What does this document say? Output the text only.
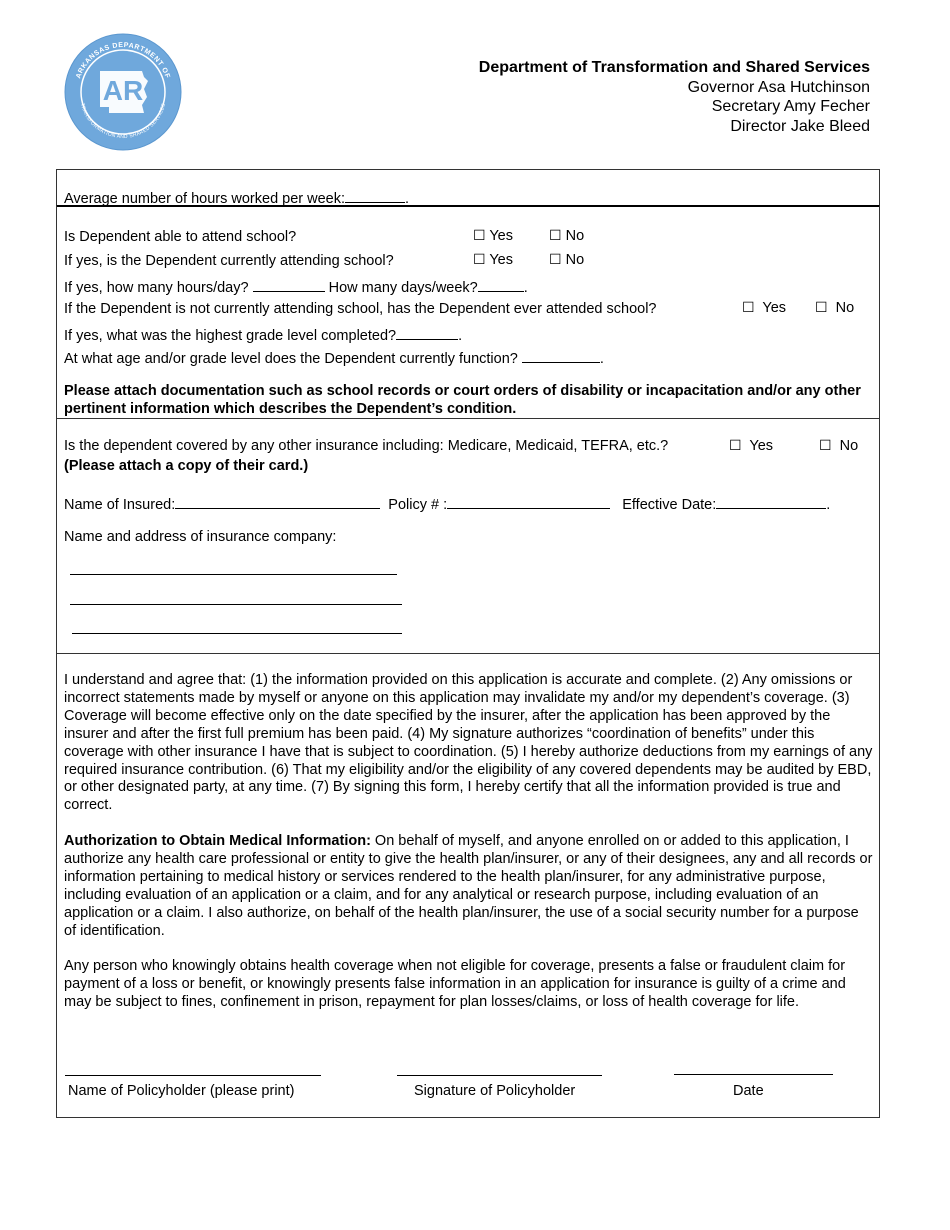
AR
ARKANSAS DEPARTMENT OF
TRANSFORMATION AND SHARED SERVICES
Department of Transformation and Shared Services
Governor Asa Hutchinson
Secretary Amy Fecher
Director Jake Bleed
Average number of hours worked per week:	.
Is Dependent able to attend school?	☐ Yes	☐ No
If yes, is the Dependent currently attending school?	☐ Yes	☐ No
If yes, how many hours/day?	How many days/week?	.
If the Dependent is not currently attending school, has the Dependent ever attended school?	☐ Yes ☐ No
If yes, what was the highest grade level completed?	.
At what age and/or grade level does the Dependent currently function?	.
Please attach documentation such as school records or court orders of disability or incapacitation and/or any other pertinent information which describes the Dependent’s condition.
Is the dependent covered by any other insurance including: Medicare, Medicaid, TEFRA, etc.?	☐ Yes	☐ No
(Please attach a copy of their card.)
Name of Insured:	Policy # :	Effective Date:	.
Name and address of insurance company:
I understand and agree that: (1) the information provided on this application is accurate and complete. (2) Any omissions or incorrect statements made by myself or anyone on this application may invalidate my and/or my dependent’s coverage. (3) Coverage will become effective only on the date specified by the insurer, after the application has been approved by the insurer and after the first full premium has been paid. (4) My signature authorizes “coordination of benefits” under this coverage with other insurance I have that is subject to coordination. (5) I hereby authorize deductions from my earnings of any required insurance contribution. (6) That my eligibility and/or the eligibility of any covered dependents may be audited by EBD, or other designated party, at any time. (7) By signing this form, I hereby certify that all the information provided is true and correct.
Authorization to Obtain Medical Information: On behalf of myself, and anyone enrolled on or added to this application, I authorize any health care professional or entity to give the health plan/insurer, or any of their designees, any and all records or information pertaining to medical history or services rendered to the health plan/insurer, for any administrative purpose, including evaluation of an application or a claim, and for any analytical or research purpose, including evaluation of an application or a claim. I also authorize, on behalf of the health plan/insurer, the use of a social security number for a purpose of identification.
Any person who knowingly obtains health coverage when not eligible for coverage, presents a false or fraudulent claim for payment of a loss or benefit, or knowingly presents false information in an application for insurance is guilty of a crime and may be subject to fines, confinement in prison, repayment for plan losses/claims, or loss of health coverage for life.
Name of Policyholder (please print)	Signature of Policyholder	Date
